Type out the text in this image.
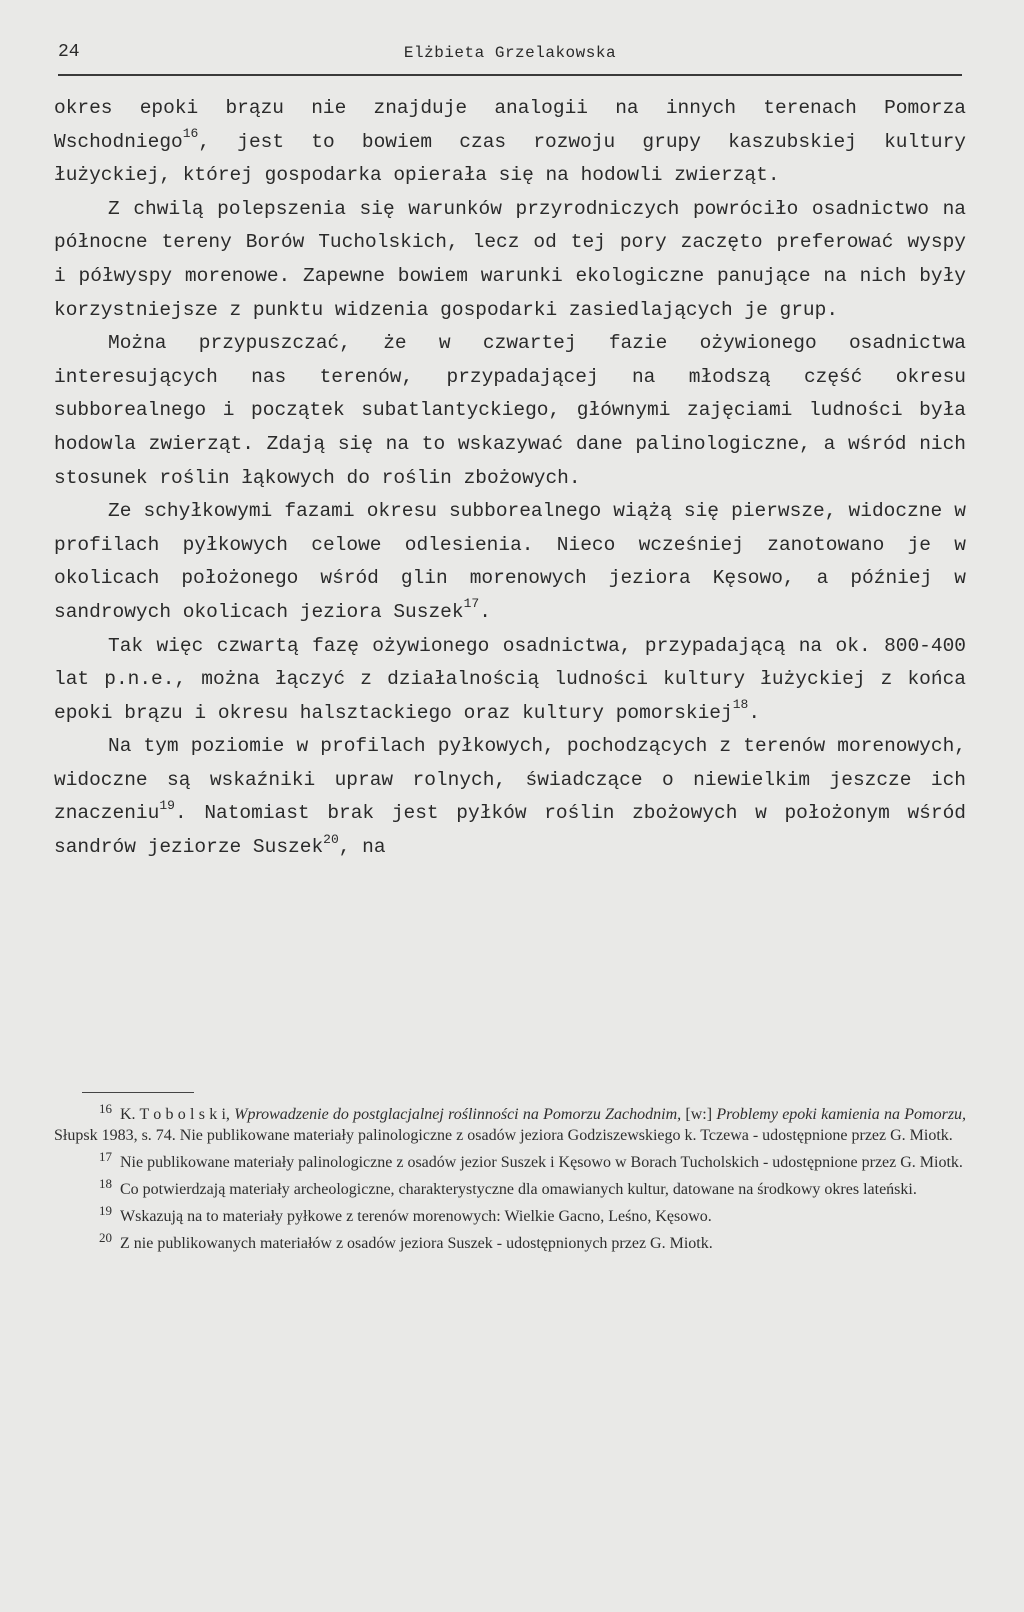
24	Elżbieta Grzelakowska

okres epoki brązu nie znajduje analogii na innych terenach Pomorza Wschodniego$^{16}$, jest to bowiem czas rozwoju grupy kaszubskiej kultury łużyckiej, której gospodarka opierała się na hodowli zwierząt.

Z chwilą polepszenia się warunków przyrodniczych powróciło osadnictwo na północne tereny Borów Tucholskich, lecz od tej pory zaczęto preferować wyspy i półwyspy morenowe. Zapewne bowiem warunki ekologiczne panujące na nich były korzystniejsze z punktu widzenia gospodarki zasiedlających je grup.

Można przypuszczać, że w czwartej fazie ożywionego osadnictwa interesujących nas terenów, przypadającej na młodszą część okresu subborealnego i początek subatlantyckiego, głównymi zajęciami ludności była hodowla zwierząt. Zdają się na to wskazywać dane palinologiczne, a wśród nich stosunek roślin łąkowych do roślin zbożowych.

Ze schyłkowymi fazami okresu subborealnego wiążą się pierwsze, widoczne w profilach pyłkowych celowe odlesienia. Nieco wcześniej zanotowano je w okolicach położonego wśród glin morenowych jeziora Kęsowo, a później w sandrowych okolicach jeziora Suszek$^{17}$.

Tak więc czwartą fazę ożywionego osadnictwa, przypadającą na ok. 800-400 lat p.n.e., można łączyć z działalnością ludności kultury łużyckiej z końca epoki brązu i okresu halsztackiego oraz kultury pomorskiej$^{18}$.

Na tym poziomie w profilach pyłkowych, pochodzących z terenów morenowych, widoczne są wskaźniki upraw rolnych, świadczące o niewielkim jeszcze ich znaczeniu$^{19}$. Natomiast brak jest pyłków roślin zbożowych w położonym wśród sandrów jeziorze Suszek$^{20}$, na

16 K. T o b o l s k i, Wprowadzenie do postglacjalnej roślinności na Pomorzu Zachodnim, [w:] Problemy epoki kamienia na Pomorzu, Słupsk 1983, s. 74. Nie publikowane materiały palinologiczne z osadów jeziora Godziszewskiego k. Tczewa - udostępnione przez G. Miotk.

17 Nie publikowane materiały palinologiczne z osadów jezior Suszek i Kęsowo w Borach Tucholskich - udostępnione przez G. Miotk.

18 Co potwierdzają materiały archeologiczne, charakterystyczne dla omawianych kultur, datowane na środkowy okres lateński.

19 Wskazują na to materiały pyłkowe z terenów morenowych: Wielkie Gacno, Leśno, Kęsowo.

20 Z nie publikowanych materiałów z osadów jeziora Suszek - udostępnionych przez G. Miotk.
